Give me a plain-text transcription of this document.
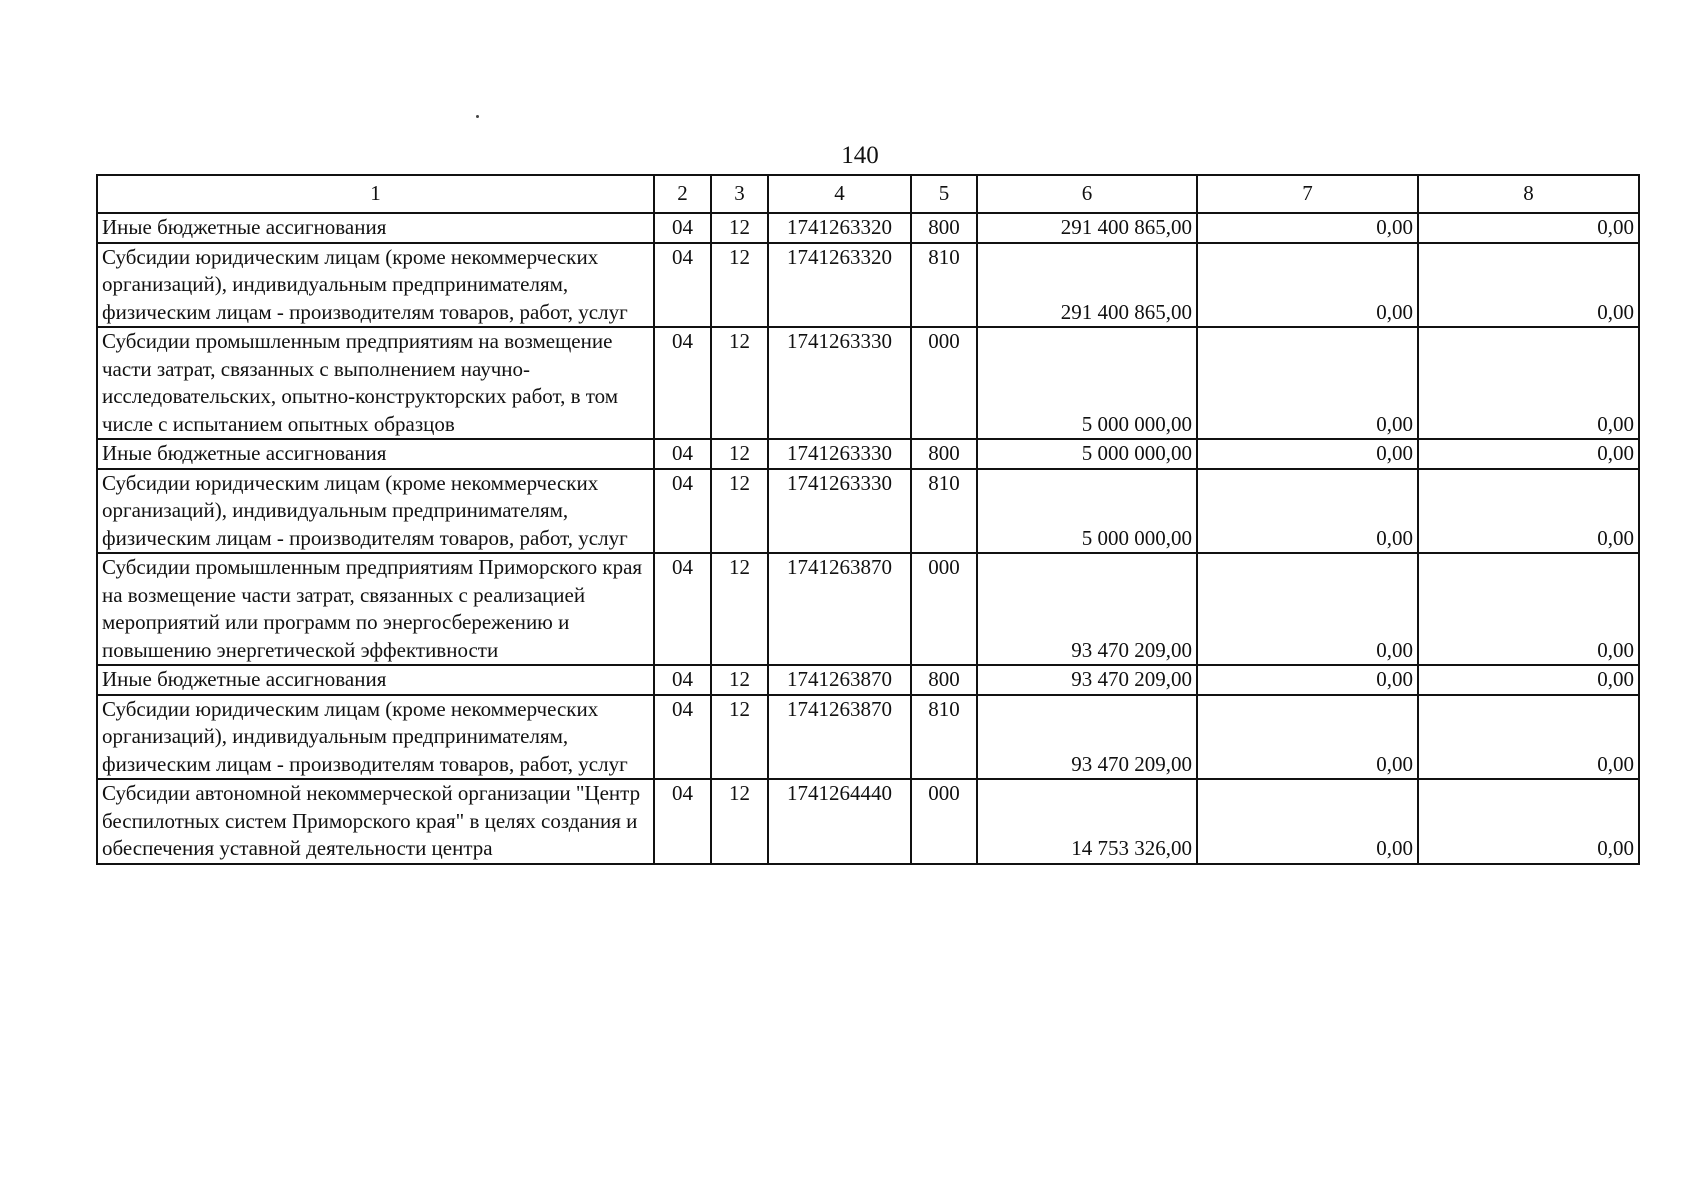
140
1	2	3	4	5	6	7	8
Иные бюджетные ассигнования	04	12	1741263320	800	291 400 865,00	0,00	0,00
Субсидии юридическим лицам (кроме некоммерческих организаций), индивидуальным предпринимателям, физическим лицам - производителям товаров, работ, услуг	04	12	1741263320	810	291 400 865,00	0,00	0,00
Субсидии промышленным предприятиям на возмещение части затрат, связанных с выполнением научно-исследовательских, опытно-конструкторских работ, в том числе с испытанием опытных образцов	04	12	1741263330	000	5 000 000,00	0,00	0,00
Иные бюджетные ассигнования	04	12	1741263330	800	5 000 000,00	0,00	0,00
Субсидии юридическим лицам (кроме некоммерческих организаций), индивидуальным предпринимателям, физическим лицам - производителям товаров, работ, услуг	04	12	1741263330	810	5 000 000,00	0,00	0,00
Субсидии промышленным предприятиям Приморского края на возмещение части затрат, связанных с реализацией мероприятий или программ по энергосбережению и повышению энергетической эффективности	04	12	1741263870	000	93 470 209,00	0,00	0,00
Иные бюджетные ассигнования	04	12	1741263870	800	93 470 209,00	0,00	0,00
Субсидии юридическим лицам (кроме некоммерческих организаций), индивидуальным предпринимателям, физическим лицам - производителям товаров, работ, услуг	04	12	1741263870	810	93 470 209,00	0,00	0,00
Субсидии автономной некоммерческой организации "Центр беспилотных систем Приморского края" в целях создания и обеспечения уставной деятельности центра	04	12	1741264440	000	14 753 326,00	0,00	0,00
